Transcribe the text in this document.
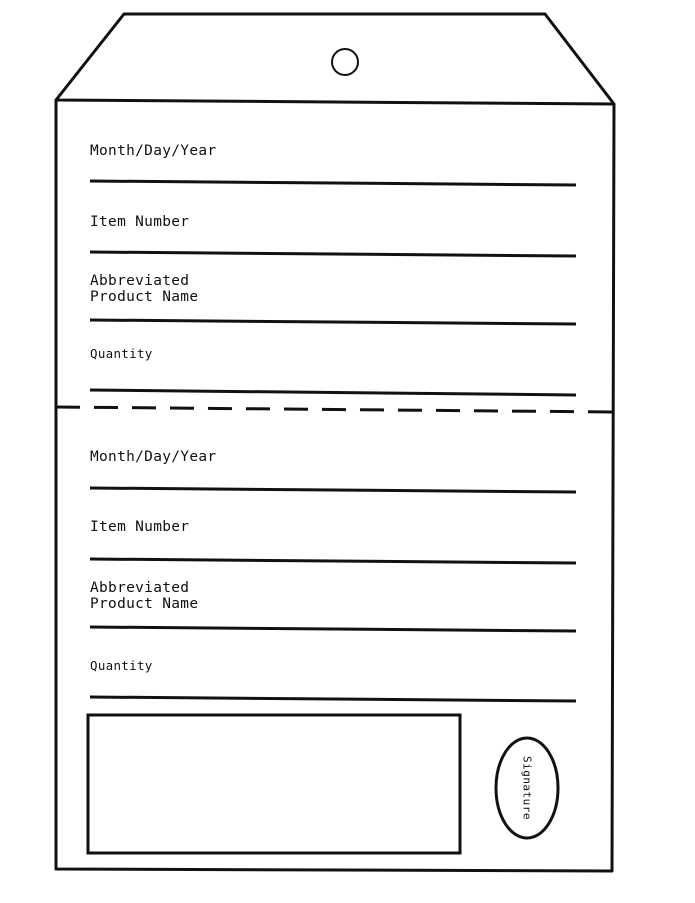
Month/Day/Year
Item Number
Abbreviated
Product Name
Quantity
Month/Day/Year
Item Number
Abbreviated
Product Name
Quantity
Signature
